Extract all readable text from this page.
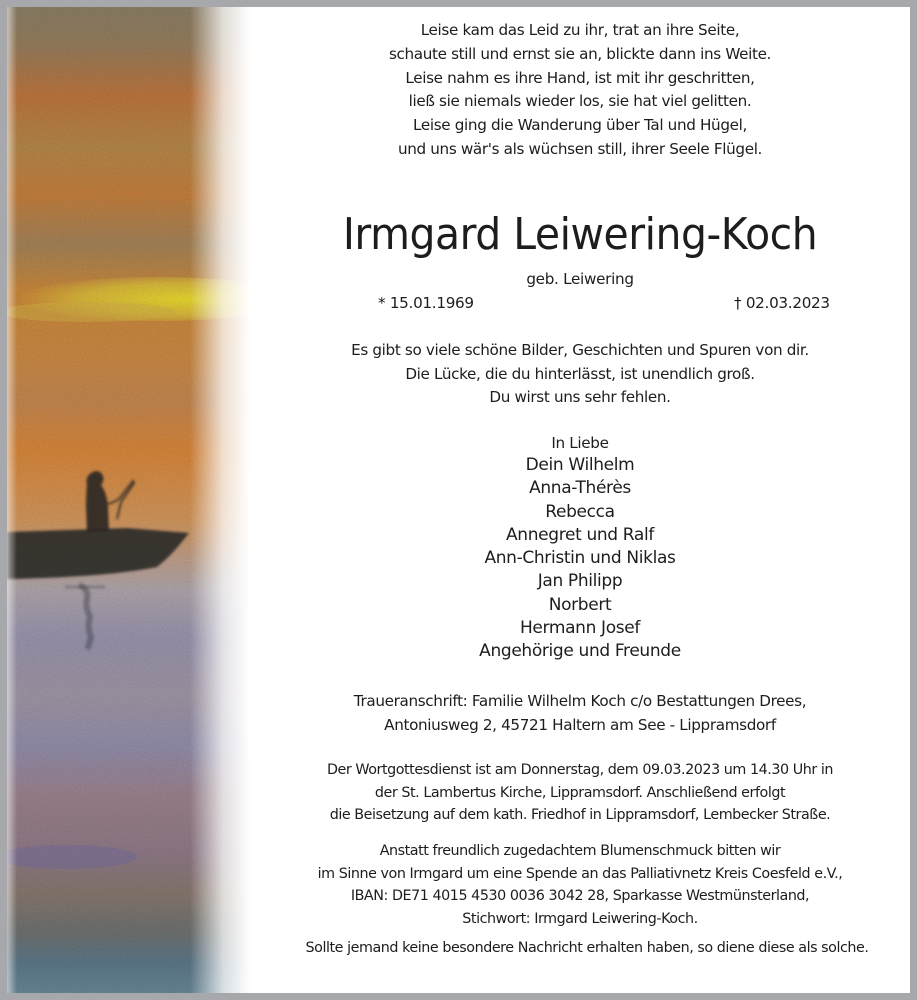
Leise kam das Leid zu ihr, trat an ihre Seite,
schaute still und ernst sie an, blickte dann ins Weite.
Leise nahm es ihre Hand, ist mit ihr geschritten,
ließ sie niemals wieder los, sie hat viel gelitten.
Leise ging die Wanderung über Tal und Hügel,
und uns wär's als wüchsen still, ihrer Seele Flügel.
Irmgard Leiwering-Koch
geb. Leiwering
* 15.01.1969	† 02.03.2023
Es gibt so viele schöne Bilder, Geschichten und Spuren von dir.
Die Lücke, die du hinterlässt, ist unendlich groß.
Du wirst uns sehr fehlen.
In Liebe
Dein Wilhelm
Anna-Thérès
Rebecca
Annegret und Ralf
Ann-Christin und Niklas
Jan Philipp
Norbert
Hermann Josef
Angehörige und Freunde
Traueranschrift: Familie Wilhelm Koch c/o Bestattungen Drees,
Antoniusweg 2, 45721 Haltern am See - Lippramsdorf
Der Wortgottesdienst ist am Donnerstag, dem 09.03.2023 um 14.30 Uhr in
der St. Lambertus Kirche, Lippramsdorf. Anschließend erfolgt
die Beisetzung auf dem kath. Friedhof in Lippramsdorf, Lembecker Straße.
Anstatt freundlich zugedachtem Blumenschmuck bitten wir
im Sinne von Irmgard um eine Spende an das Palliativnetz Kreis Coesfeld e.V.,
IBAN: DE71 4015 4530 0036 3042 28, Sparkasse Westmünsterland,
Stichwort: Irmgard Leiwering-Koch.
Sollte jemand keine besondere Nachricht erhalten haben, so diene diese als solche.
